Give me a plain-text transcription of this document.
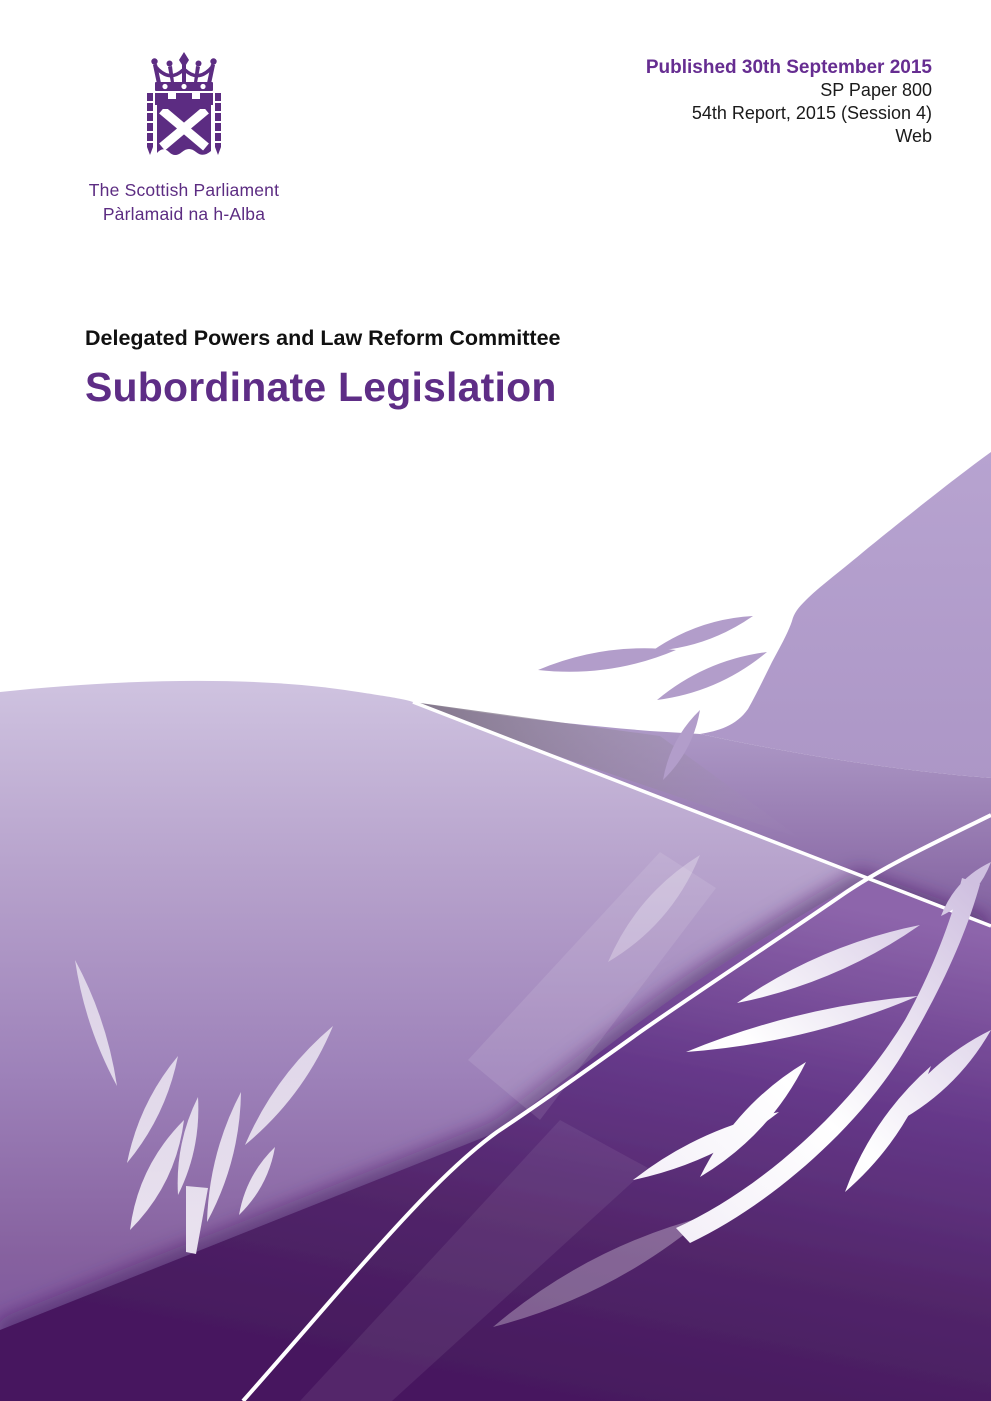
The Scottish Parliament
Pàrlamaid na h-Alba
Published 30th September 2015
SP Paper 800
54th Report, 2015 (Session 4)
Web
Delegated Powers and Law Reform Committee
Subordinate Legislation
